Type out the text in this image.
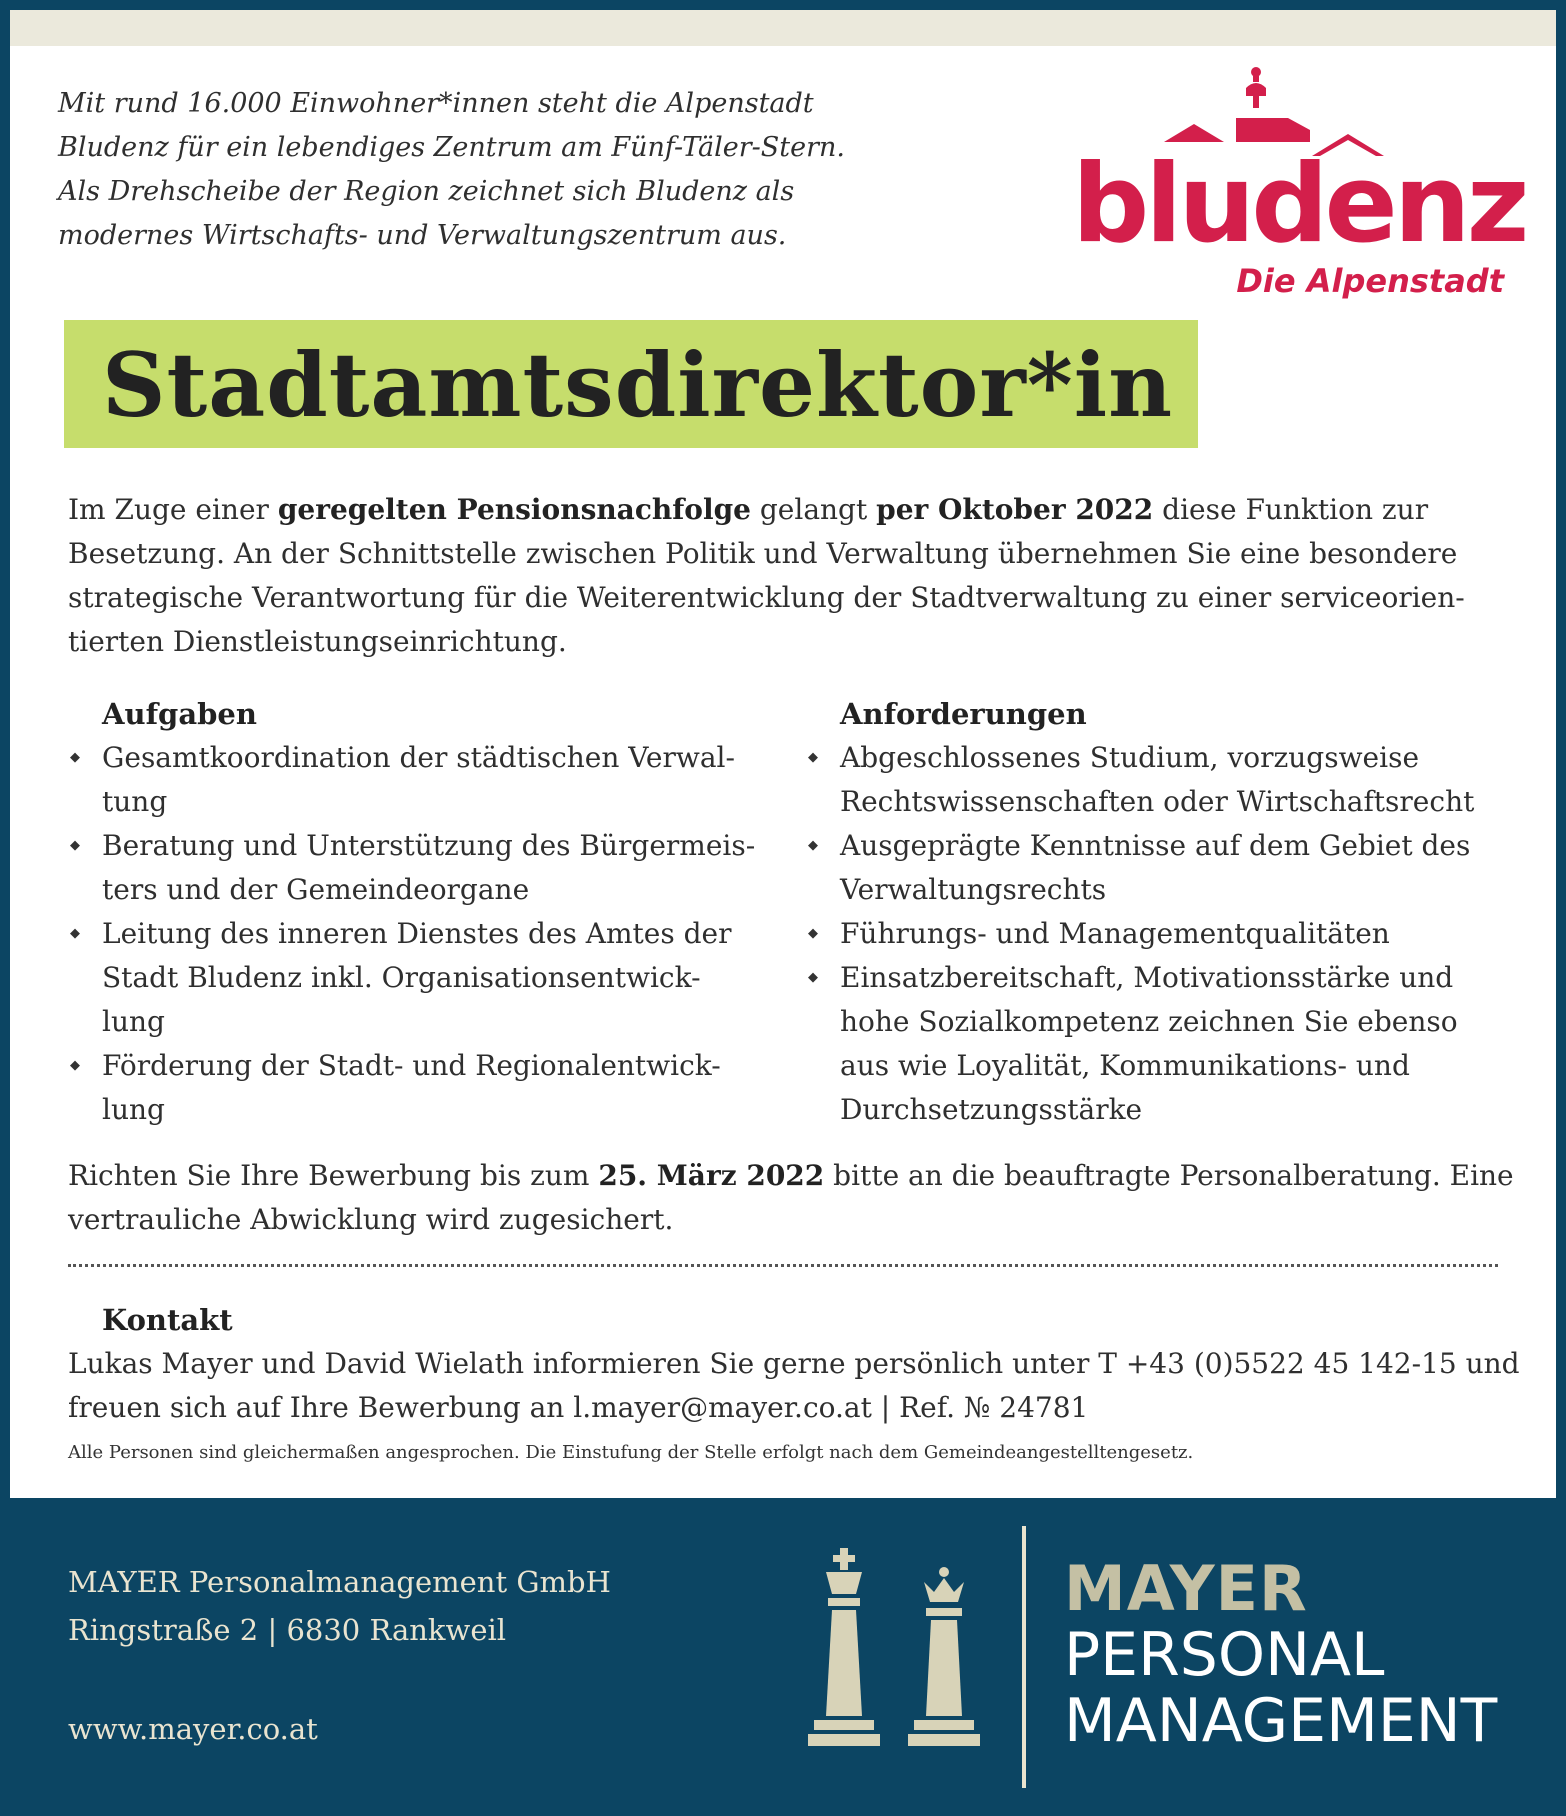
Mit rund 16.000 Einwohner*innen steht die Alpenstadt
Bludenz für ein lebendiges Zentrum am Fünf-Täler-Stern.
Als Drehscheibe der Region zeichnet sich Bludenz als
modernes Wirtschafts- und Verwaltungszentrum aus.	bludenz
Die Alpenstadt
Stadtamtsdirektor*in
Im Zuge einer geregelten Pensionsnachfolge gelangt per Oktober 2022 diese Funktion zur
Besetzung. An der Schnittstelle zwischen Politik und Verwaltung übernehmen Sie eine besondere
strategische Verantwortung für die Weiterentwicklung der Stadtverwaltung zu einer serviceorien-
tierten Dienstleistungseinrichtung.
Aufgaben
◆ Gesamtkoordination der städtischen Verwal-
tung
◆ Beratung und Unterstützung des Bürgermeis-
ters und der Gemeindeorgane
◆ Leitung des inneren Dienstes des Amtes der
Stadt Bludenz inkl. Organisationsentwick-
lung
◆ Förderung der Stadt- und Regionalentwick-
lung
Anforderungen
◆ Abgeschlossenes Studium, vorzugsweise
Rechtswissenschaften oder Wirtschaftsrecht
◆ Ausgeprägte Kenntnisse auf dem Gebiet des
Verwaltungsrechts
◆ Führungs- und Managementqualitäten
◆ Einsatzbereitschaft, Motivationsstärke und
hohe Sozialkompetenz zeichnen Sie ebenso
aus wie Loyalität, Kommunikations- und
Durchsetzungsstärke
Richten Sie Ihre Bewerbung bis zum 25. März 2022 bitte an die beauftragte Personalberatung. Eine
vertrauliche Abwicklung wird zugesichert.
Kontakt
Lukas Mayer und David Wielath informieren Sie gerne persönlich unter T +43 (0)5522 45 142-15 und
freuen sich auf Ihre Bewerbung an l.mayer@mayer.co.at | Ref. № 24781
Alle Personen sind gleichermaßen angesprochen. Die Einstufung der Stelle erfolgt nach dem Gemeindeangestelltengesetz.
MAYER Personalmanagement GmbH
Ringstraße 2 | 6830 Rankweil
www.mayer.co.at
MAYER
PERSONAL
MANAGEMENT
